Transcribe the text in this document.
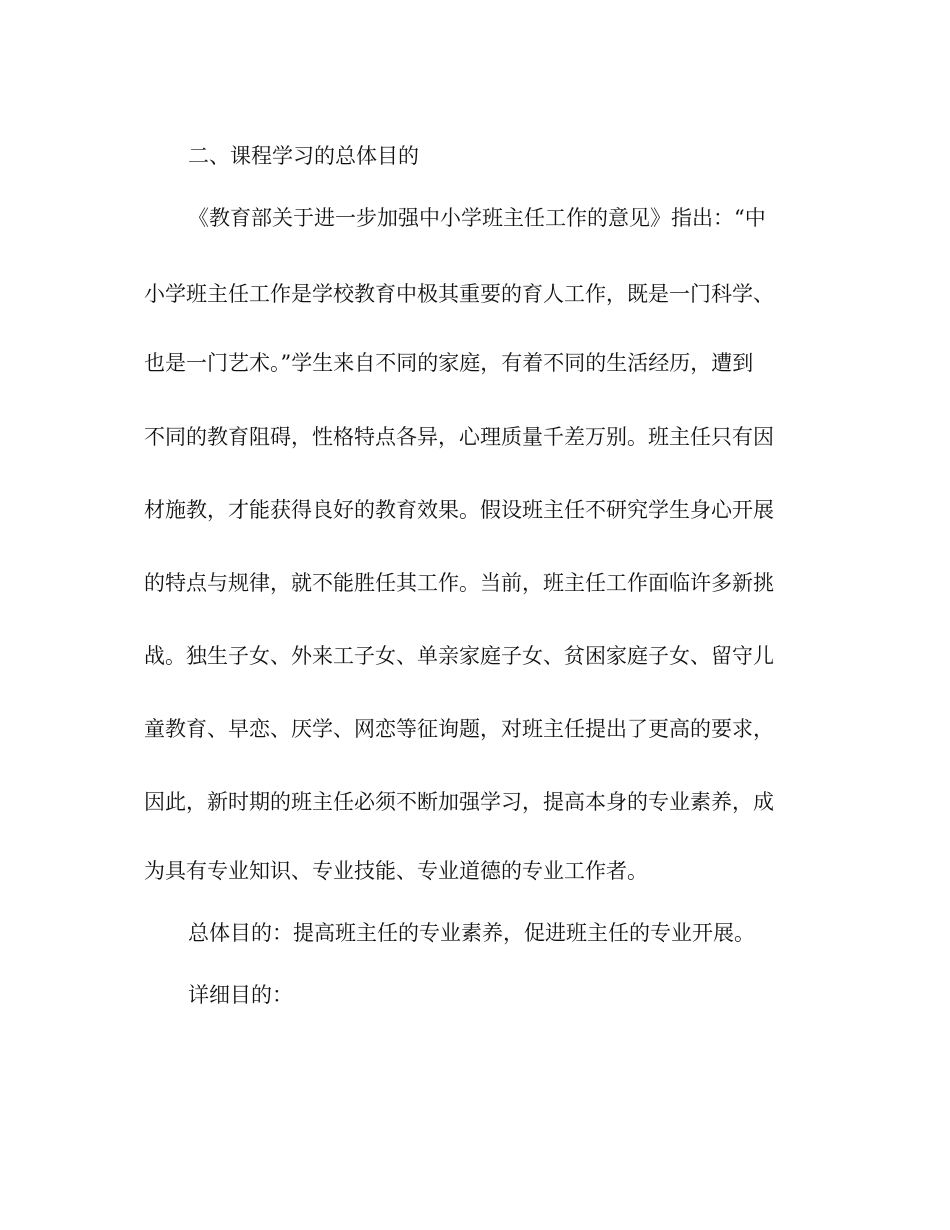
二、课程学习的总体目的
《教育部关于进一步加强中小学班主任工作的意见》指出：“中
小学班主任工作是学校教育中极其重要的育人工作，既是一门科学、
也是一门艺术。”学生来自不同的家庭，有着不同的生活经历，遭到
不同的教育阻碍，性格特点各异，心理质量千差万别。班主任只有因
材施教，才能获得良好的教育效果。假设班主任不研究学生身心开展
的特点与规律，就不能胜任其工作。当前，班主任工作面临许多新挑
战。独生子女、外来工子女、单亲家庭子女、贫困家庭子女、留守儿
童教育、早恋、厌学、网恋等征询题，对班主任提出了更高的要求，
因此，新时期的班主任必须不断加强学习，提高本身的专业素养，成
为具有专业知识、专业技能、专业道德的专业工作者。
总体目的：提高班主任的专业素养，促进班主任的专业开展。
详细目的：
